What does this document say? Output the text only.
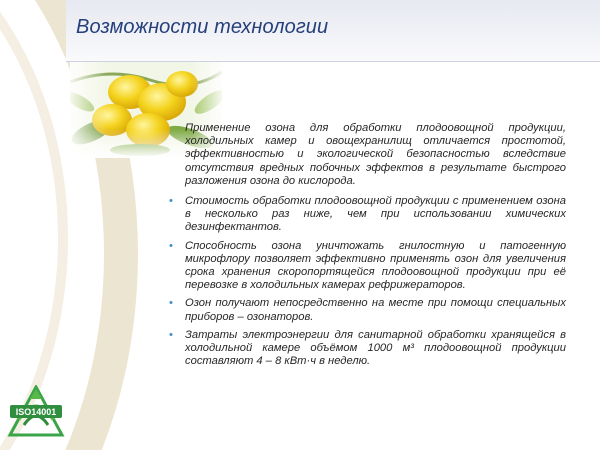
Возможности технологии
Применение озона для обработки плодоовощной продукции, холодильных камер и овощехранилищ отличается простотой, эффективностью и экологической безопасностью вследствие отсутствия вредных побочных эффектов в результате быстрого разложения озона до кислорода.
• Стоимость обработки плодоовощной продукции с применением озона в несколько раз ниже, чем при использовании химических дезинфектантов.
• Способность озона уничтожать гнилостную и патогенную микрофлору позволяет эффективно применять озон для увеличения срока хранения скоропортящейся плодоовощной продукции при её перевозке в холодильных камерах рефрижераторов.
• Озон получают непосредственно на месте при помощи специальных приборов – озонаторов.
• Затраты электроэнергии для санитарной обработки хранящейся в холодильной камере объёмом 1000 м³ плодоовощной продукции составляют 4 – 8 кВт·ч в неделю.
ISO14001
